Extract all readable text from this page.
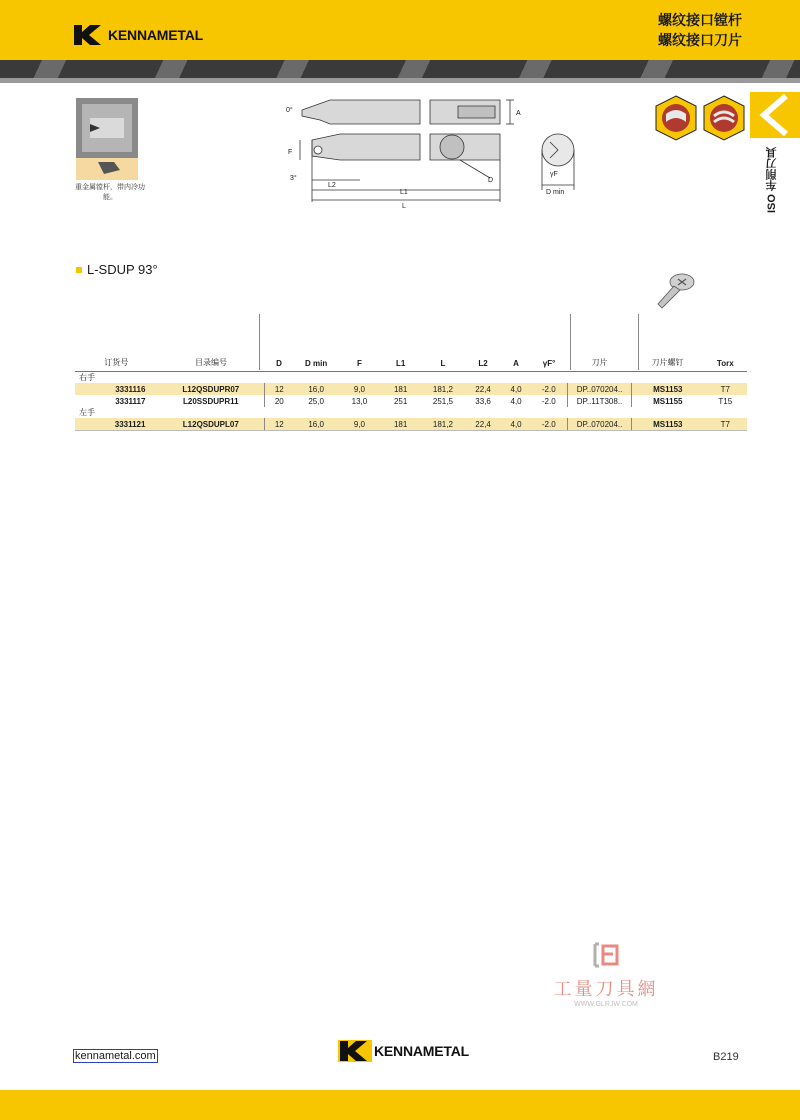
KENNAMETAL
螺纹接口镗杆
螺纹接口刀片
重金属镗杆，带内冷功能。
0°	A
F
3°
L2
L1
L
D
γF
D min	ISO 车削刀具
L-SDUP 93°
订货号	目录编号	D	D min	F	L1	L	L2	A	γF°	刀片	刀片螺钉	Torx
右手												
3331116	L12QSDUPR07	12	16,0	9,0	181	181,2	22,4	4,0	-2.0	DP..070204..	MS1153	T7
3331117	L20SSDUPR11	20	25,0	13,0	251	251,5	33,6	4,0	-2.0	DP..11T308..	MS1155	T15
左手												
3331121	L12QSDUPL07	12	16,0	9,0	181	181,2	22,4	4,0	-2.0	DP..070204..	MS1153	T7
工量刀具網
WWW.GLRJW.COM
kennametal.com	KENNAMETAL	B219
